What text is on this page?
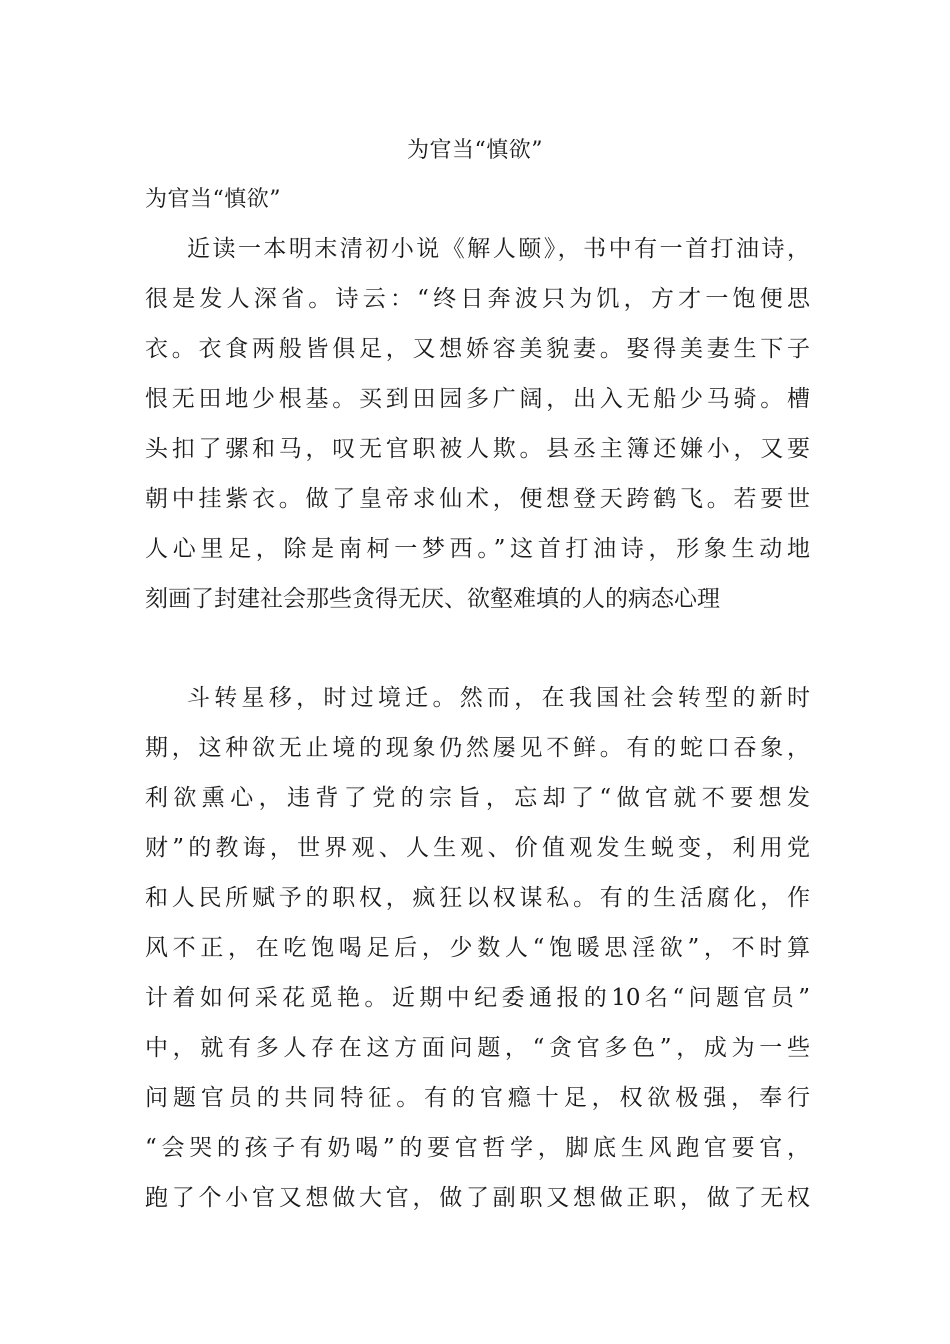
为官当“慎欲”
为官当“慎欲”

近读一本明末清初小说《解人颐》，书中有一首打油诗，
很是发人深省。诗云：“终日奔波只为饥，方才一饱便思
衣。衣食两般皆俱足，又想娇容美貌妻。娶得美妻生下子
恨无田地少根基。买到田园多广阔，出入无船少马骑。槽
头扣了骡和马，叹无官职被人欺。县丞主簿还嫌小，又要
朝中挂紫衣。做了皇帝求仙术，便想登天跨鹤飞。若要世
人心里足，除是南柯一梦西。”这首打油诗，形象生动地
刻画了封建社会那些贪得无厌、欲壑难填的人的病态心理

斗转星移，时过境迁。然而，在我国社会转型的新时
期，这种欲无止境的现象仍然屡见不鲜。有的蛇口吞象，
利欲熏心，违背了党的宗旨，忘却了“做官就不要想发
财”的教诲，世界观、人生观、价值观发生蜕变，利用党
和人民所赋予的职权，疯狂以权谋私。有的生活腐化，作
风不正，在吃饱喝足后，少数人“饱暖思淫欲”，不时算
计着如何采花觅艳。近期中纪委通报的10名“问题官员”
中，就有多人存在这方面问题，“贪官多色”，成为一些
问题官员的共同特征。有的官瘾十足，权欲极强，奉行
“会哭的孩子有奶喝”的要官哲学，脚底生风跑官要官，
跑了个小官又想做大官，做了副职又想做正职，做了无权
